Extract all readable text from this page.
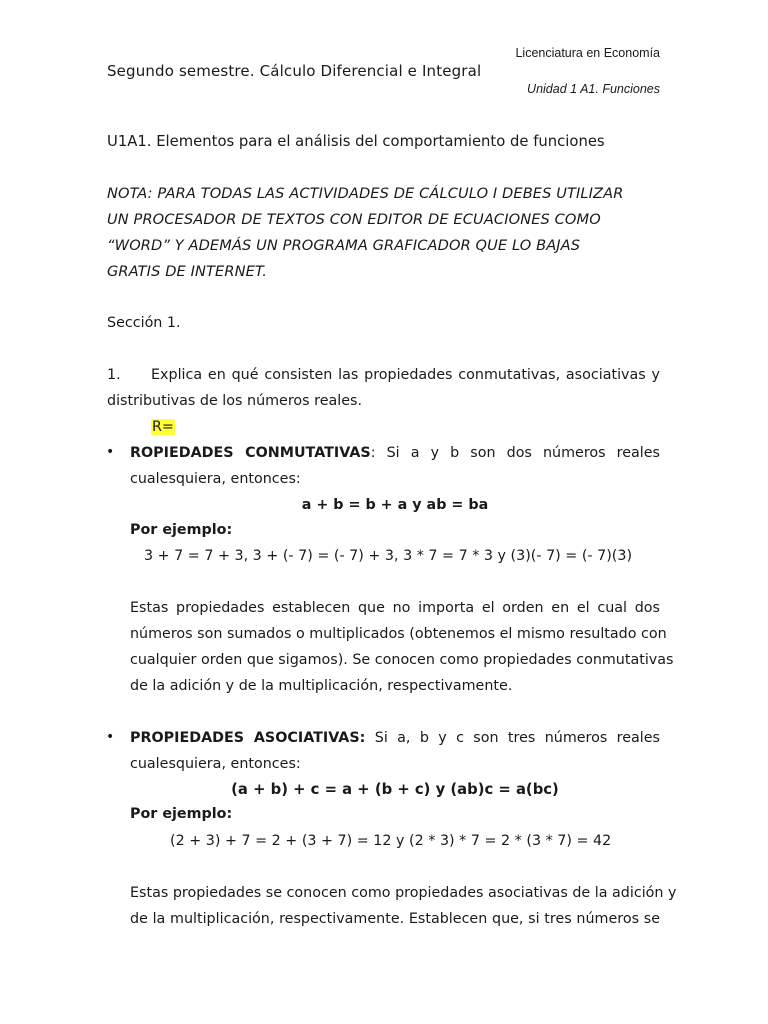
Licenciatura en Economía
Segundo semestre. Cálculo Diferencial e Integral
Unidad 1 A1. Funciones
U1A1. Elementos para el análisis del comportamiento de funciones
NOTA: PARA TODAS LAS ACTIVIDADES DE CÁLCULO I DEBES UTILIZAR
UN PROCESADOR DE TEXTOS CON EDITOR DE ECUACIONES COMO
“WORD” Y ADEMÁS UN PROGRAMA GRAFICADOR QUE LO BAJAS
GRATIS DE INTERNET.
Sección 1.
1. Explica en qué consisten las propiedades conmutativas, asociativas y
distributivas de los números reales.
R=
• ROPIEDADES CONMUTATIVAS: Si a y b son dos números reales
cualesquiera, entonces:
a + b = b + a y ab = ba
Por ejemplo:
3 + 7 = 7 + 3, 3 + (- 7) = (- 7) + 3, 3 * 7 = 7 * 3 y (3)(- 7) = (- 7)(3)
Estas propiedades establecen que no importa el orden en el cual dos
números son sumados o multiplicados (obtenemos el mismo resultado con
cualquier orden que sigamos). Se conocen como propiedades conmutativas
de la adición y de la multiplicación, respectivamente.
• PROPIEDADES ASOCIATIVAS: Si a, b y c son tres números reales
cualesquiera, entonces:
(a + b) + c = a + (b + c) y (ab)c = a(bc)
Por ejemplo:
(2 + 3) + 7 = 2 + (3 + 7) = 12 y (2 * 3) * 7 = 2 * (3 * 7) = 42
Estas propiedades se conocen como propiedades asociativas de la adición y
de la multiplicación, respectivamente. Establecen que, si tres números se
